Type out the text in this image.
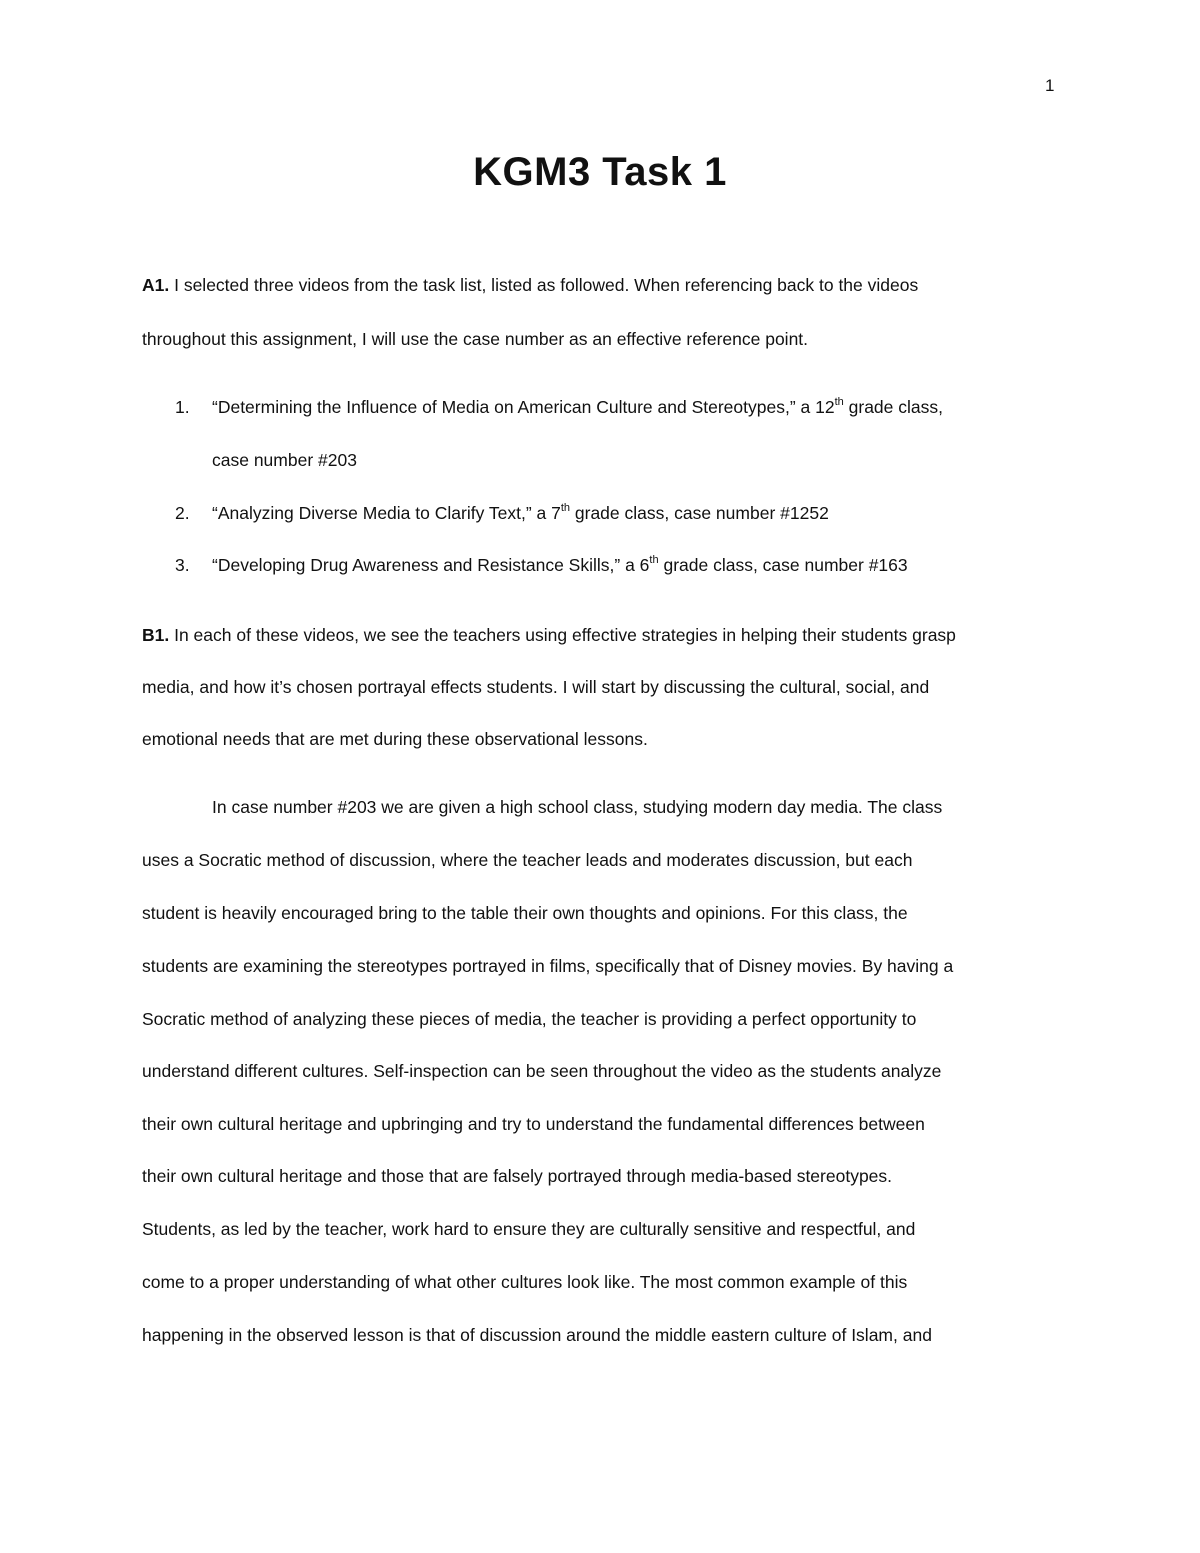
1
KGM3 Task 1
A1. I selected three videos from the task list, listed as followed. When referencing back to the videos
throughout this assignment, I will use the case number as an effective reference point.
1. “Determining the Influence of Media on American Culture and Stereotypes,” a 12th grade class,
case number #203
2. “Analyzing Diverse Media to Clarify Text,” a 7th grade class, case number #1252
3. “Developing Drug Awareness and Resistance Skills,” a 6th grade class, case number #163
B1. In each of these videos, we see the teachers using effective strategies in helping their students grasp
media, and how it’s chosen portrayal effects students. I will start by discussing the cultural, social, and
emotional needs that are met during these observational lessons.
In case number #203 we are given a high school class, studying modern day media. The class
uses a Socratic method of discussion, where the teacher leads and moderates discussion, but each
student is heavily encouraged bring to the table their own thoughts and opinions. For this class, the
students are examining the stereotypes portrayed in films, specifically that of Disney movies. By having a
Socratic method of analyzing these pieces of media, the teacher is providing a perfect opportunity to
understand different cultures. Self-inspection can be seen throughout the video as the students analyze
their own cultural heritage and upbringing and try to understand the fundamental differences between
their own cultural heritage and those that are falsely portrayed through media-based stereotypes.
Students, as led by the teacher, work hard to ensure they are culturally sensitive and respectful, and
come to a proper understanding of what other cultures look like. The most common example of this
happening in the observed lesson is that of discussion around the middle eastern culture of Islam, and
